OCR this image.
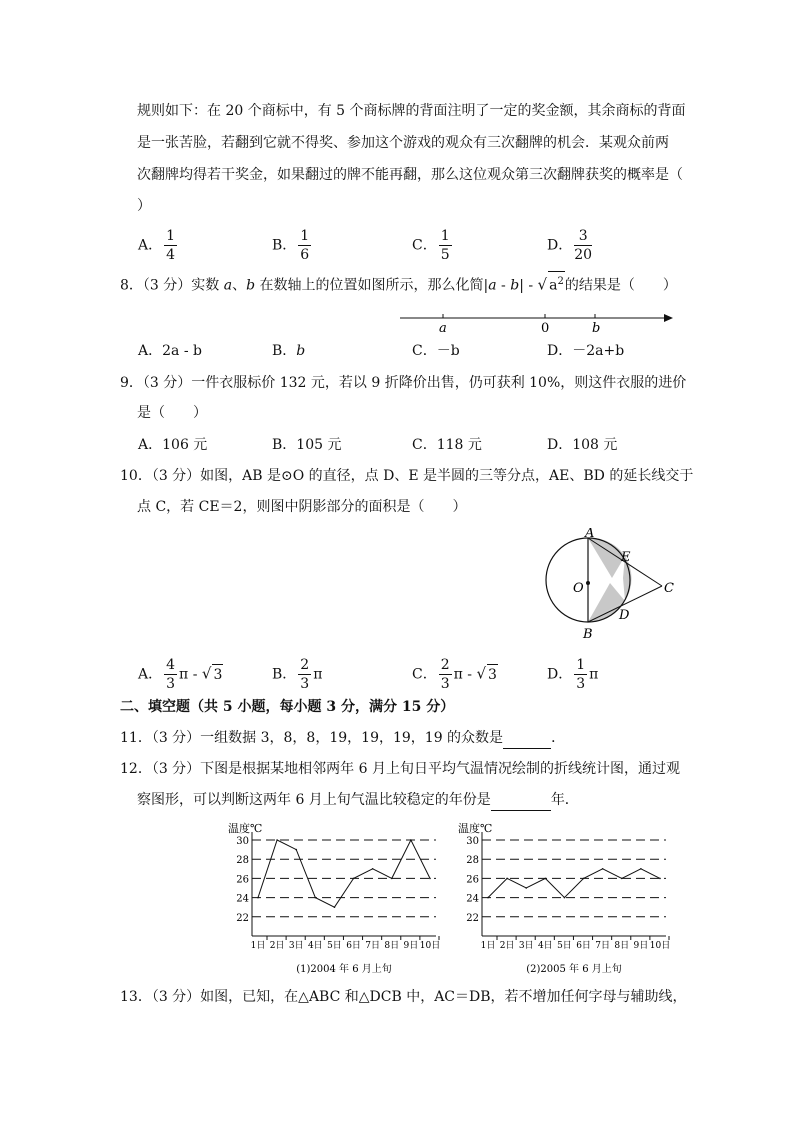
规则如下：在 20 个商标中，有 5 个商标牌的背面注明了一定的奖金额，其余商标的背面
是一张苦脸，若翻到它就不得奖、参加这个游戏的观众有三次翻牌的机会．某观众前两
次翻牌均得若干奖金，如果翻过的牌不能再翻，那么这位观众第三次翻牌获奖的概率是（
）
A． $\frac{1}{4}$	B． $\frac{1}{6}$	C． $\frac{1}{5}$	D． $\frac{3}{20}$
8．（3 分）实数 a、b 在数轴上的位置如图所示，那么化简|a - b| - √ $a^2$的结果是（　　）
a	0	b
A．2a - b	B．b	C．－b	D．－2a+b
9．（3 分）一件衣服标价 132 元，若以 9 折降价出售，仍可获利 10%，则这件衣服的进价
是（　　）
A．106 元	B．105 元	C．118 元	D．108 元
10．（3 分）如图，AB 是⊙O 的直径，点 D、E 是半圆的三等分点，AE、BD 的延长线交于
点 C，若 CE＝2，则图中阴影部分的面积是（　　）
A
E
O	C
D
B
A． $\frac{4}{3}$ π - √ 3	B． $\frac{2}{3}$ π	C． $\frac{2}{3}$ π - √ 3	D． $\frac{1}{3}$ π
二、填空题（共 5 小题，每小题 3 分，满分 15 分）
11．（3 分）一组数据 3，8，8，19，19，19，19 的众数是	．
12．（3 分）下图是根据某地相邻两年 6 月上旬日平均气温情况绘制的折线统计图，通过观
察图形，可以判断这两年 6 月上旬气温比较稳定的年份是	年．
温度℃
22
24
26
28
30
1日 2日 3日 4日 5日 6日 7日 8日 9日 10日
(1)2004 年 6 月上旬
温度℃
22
24
26
28
30
1日 2日 3日 4日 5日 6日 7日 8日 9日 10日
(2)2005 年 6 月上旬
13．（3 分）如图，已知，在△ABC 和△DCB 中，AC＝DB，若不增加任何字母与辅助线，
